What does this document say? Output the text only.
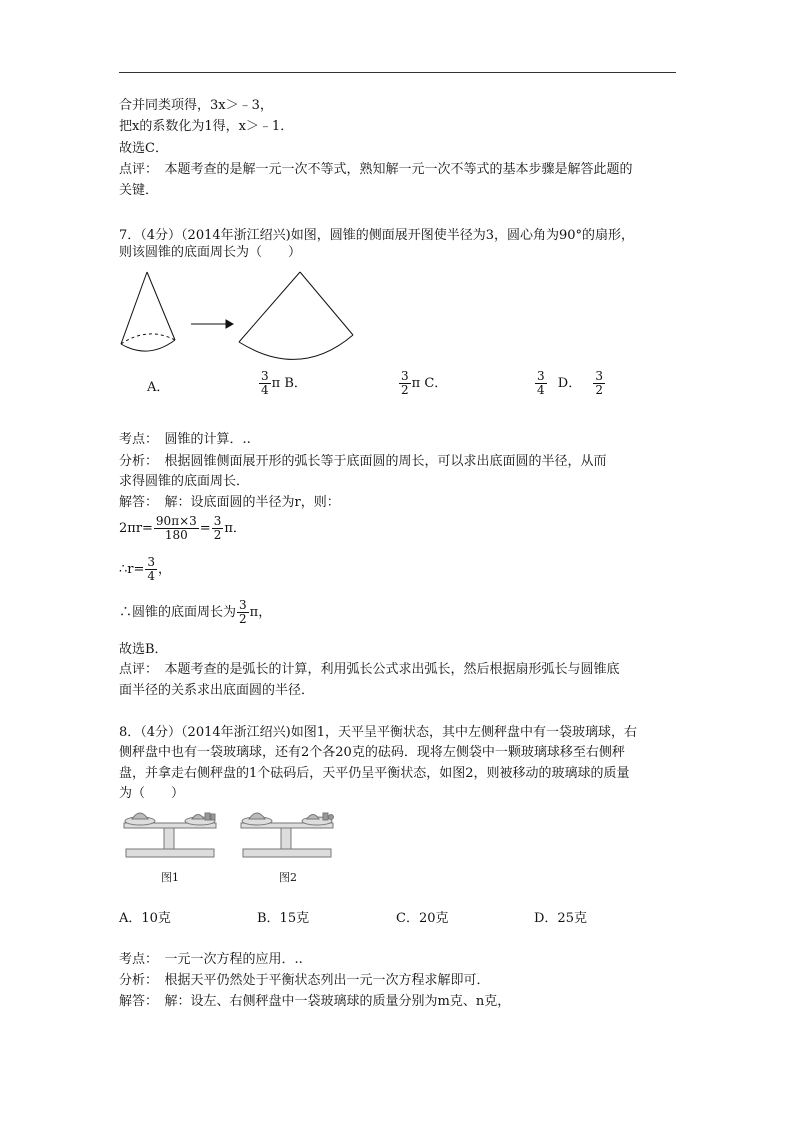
合并同类项得，3x＞﹣3，
把x的系数化为1得，x＞﹣1．
故选C．
点评：　本题考查的是解一元一次不等式，熟知解一元一次不等式的基本步骤是解答此题的
关键．
7．（4分）（2014年浙江绍兴)如图，圆锥的侧面展开图使半径为3，圆心角为90°的扇形，
则该圆锥的底面周长为（　　）
A．	$\frac{3}{4}$ π B．	$\frac{3}{2}$ π C．	$\frac{3}{4}$ D． $\frac{3}{2}$
考点：　圆锥的计算．..
分析：　根据圆锥侧面展开形的弧长等于底面圆的周长，可以求出底面圆的半径，从而
求得圆锥的底面周长．
解答：　解：设底面圆的半径为r，则：
$2\pi r= \frac{90\pi\times 3}{180} = \frac{3}{2}$ π．
∴r= $\frac{3}{4}$ ，
∴圆锥的底面周长为 $\frac{3}{2}$ π，
故选B．
点评：　本题考查的是弧长的计算，利用弧长公式求出弧长，然后根据扇形弧长与圆锥底
面半径的关系求出底面圆的半径．
8．（4分）（2014年浙江绍兴)如图1，天平呈平衡状态，其中左侧秤盘中有一袋玻璃球，右
侧秤盘中也有一袋玻璃球，还有2个各20克的砝码．现将左侧袋中一颗玻璃球移至右侧秤
盘，并拿走右侧秤盘的1个砝码后，天平仍呈平衡状态，如图2，则被移动的玻璃球的质量
为（　　）
图1	图2
A．10克	B．15克	C．20克	D．25克
考点：　一元一次方程的应用．..
分析：　根据天平仍然处于平衡状态列出一元一次方程求解即可．
解答：　解：设左、右侧秤盘中一袋玻璃球的质量分别为m克、n克，
